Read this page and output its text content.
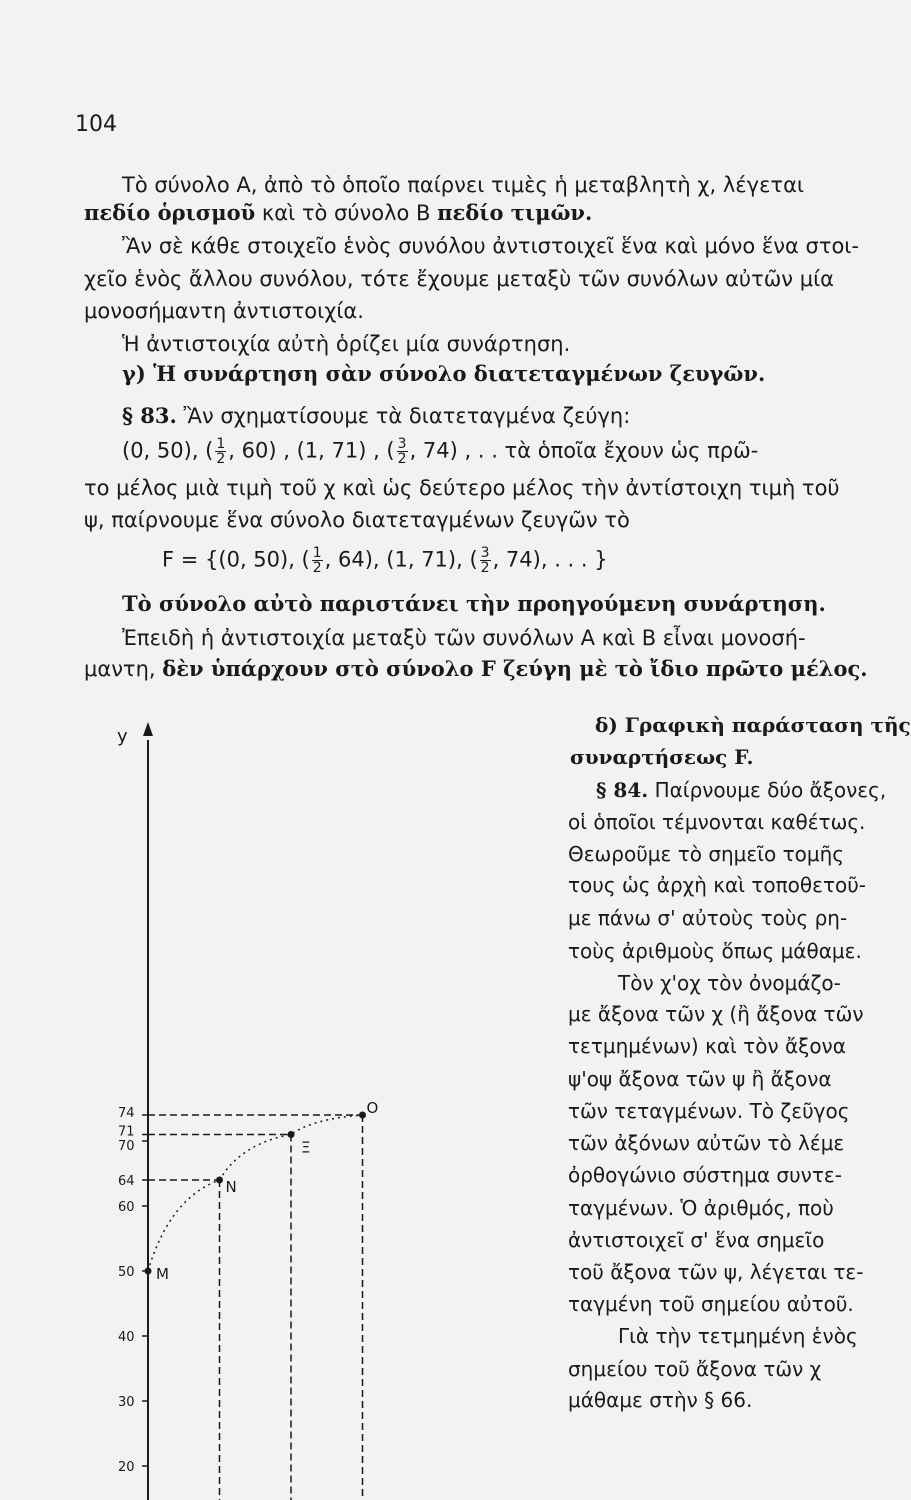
104
Τὸ σύνολο Α, ἀπὸ τὸ ὁποῖο παίρνει τιμὲς ἡ μεταβλητὴ χ, λέγεται
πεδίο ὁρισμοῦ καὶ τὸ σύνολο Β πεδίο τιμῶν.
Ἂν σὲ κάθε στοιχεῖο ἑνὸς συνόλου ἀντιστοιχεῖ ἕνα καὶ μόνο ἕνα στοι-
χεῖο ἑνὸς ἄλλου συνόλου, τότε ἔχουμε μεταξὺ τῶν συνόλων αὐτῶν μία
μονοσήμαντη ἀντιστοιχία.
Ἡ ἀντιστοιχία αὐτὴ ὁρίζει μία συνάρτηση.
γ) Ἡ συνάρτηση σὰν σύνολο διατεταγμένων ζευγῶν.
§ 83. Ἂν σχηματίσουμε τὰ διατεταγμένα ζεύγη:
(0, 50), ( $\frac{1}{2}$ , 60) , (1, 71) , ( $\frac{3}{2}$ , 74) , . . τὰ ὁποῖα ἔχουν ὡς πρῶ-
το μέλος μιὰ τιμὴ τοῦ χ καὶ ὡς δεύτερο μέλος τὴν ἀντίστοιχη τιμὴ τοῦ
ψ, παίρνουμε ἕνα σύνολο διατεταγμένων ζευγῶν τὸ
F = {(0, 50), ( $\frac{1}{2}$ , 64), (1, 71), ( $\frac{3}{2}$ , 74), . . . }
Τὸ σύνολο αὐτὸ παριστάνει τὴν προηγούμενη συνάρτηση.
Ἐπειδὴ ἡ ἀντιστοιχία μεταξὺ τῶν συνόλων Α καὶ Β εἶναι μονοσή-
μαντη, δὲν ὑπάρχουν στὸ σύνολο F ζεύγη μὲ τὸ ἴδιο πρῶτο μέλος.
δ) Γραφικὴ παράσταση τῆς
συναρτήσεως F.
§ 84. Παίρνουμε δύο ἄξονες,
οἱ ὁποῖοι τέμνονται καθέτως.
Θεωροῦμε τὸ σημεῖο τομῆς
τους ὡς ἀρχὴ καὶ τοποθετοῦ-
με πάνω σ' αὐτοὺς τοὺς ρη-
τοὺς ἀριθμοὺς ὅπως μάθαμε.
Τὸν χ'οχ τὸν ὀνομάζο-
με ἄξονα τῶν χ (ἢ ἄξονα τῶν
τετμημένων) καὶ τὸν ἄξονα
ψ'οψ ἄξονα τῶν ψ ἢ ἄξονα
τῶν τεταγμένων. Τὸ ζεῦγος
τῶν ἀξόνων αὐτῶν τὸ λέμε
ὀρθογώνιο σύστημα συντε-
ταγμένων. Ὁ ἀριθμός, ποὺ
ἀντιστοιχεῖ σ' ἕνα σημεῖο
τοῦ ἄξονα τῶν ψ, λέγεται τε-
ταγμένη τοῦ σημείου αὐτοῦ.
Γιὰ τὴν τετμημένη ἑνὸς
σημείου τοῦ ἄξονα τῶν χ
μάθαμε στὴν § 66.
74
71
70
64
60
50
40
30
20
M
N
Ξ
O
y
